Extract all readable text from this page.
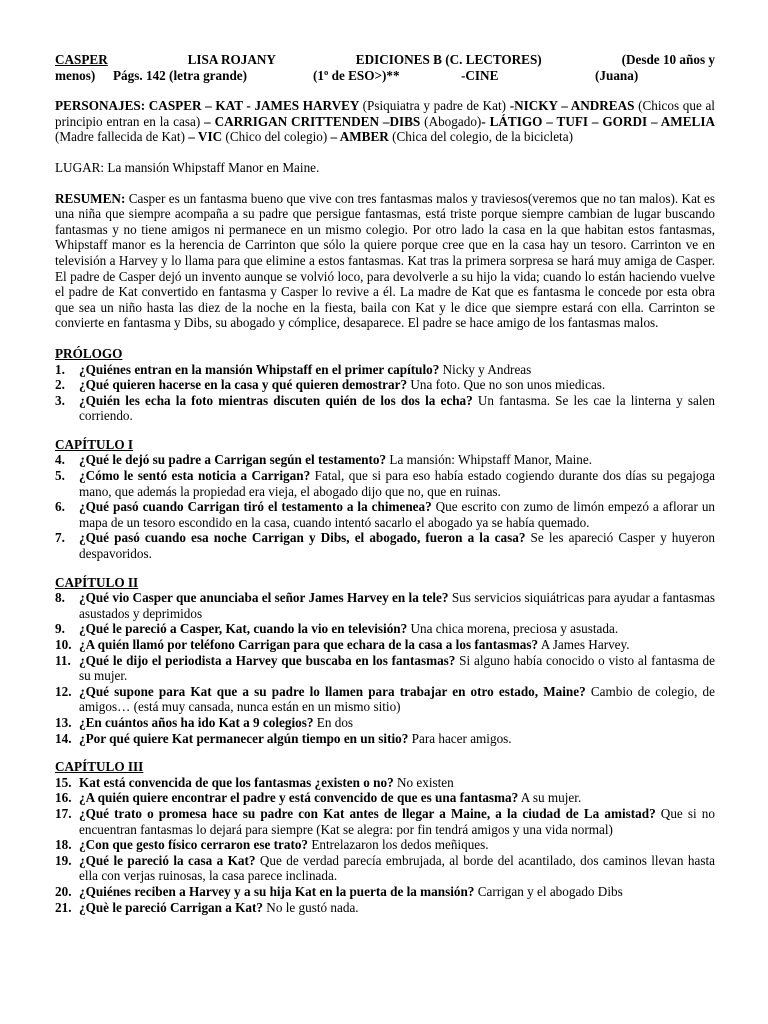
CASPER	LISA ROJANY	EDICIONES B (C. LECTORES)	(Desde 10 años y
menos)	Págs. 142 (letra grande)	(1º de ESO>)**	-CINE	(Juana)
PERSONAJES: CASPER – KAT - JAMES HARVEY (Psiquiatra y padre de Kat) -NICKY – ANDREAS (Chicos que al principio entran en la casa) – CARRIGAN CRITTENDEN –DIBS (Abogado)- LÁTIGO – TUFI – GORDI – AMELIA (Madre fallecida de Kat) – VIC (Chico del colegio) – AMBER (Chica del colegio, de la bicicleta)
LUGAR: La mansión Whipstaff Manor en Maine.
RESUMEN: Casper es un fantasma bueno que vive con tres fantasmas malos y traviesos(veremos que no tan malos). Kat es una niña que siempre acompaña a su padre que persigue fantasmas, está triste porque siempre cambian de lugar buscando fantasmas y no tiene amigos ni permanece en un mismo colegio. Por otro lado la casa en la que habitan estos fantasmas, Whipstaff manor es la herencia de Carrinton que sólo la quiere porque cree que en la casa hay un tesoro. Carrinton ve en televisión a Harvey y lo llama para que elimine a estos fantasmas. Kat tras la primera sorpresa se hará muy amiga de Casper. El padre de Casper dejó un invento aunque se volvió loco, para devolverle a su hijo la vida; cuando lo están haciendo vuelve el padre de Kat convertido en fantasma y Casper lo revive a él. La madre de Kat que es fantasma le concede por esta obra que sea un niño hasta las diez de la noche en la fiesta, baila con Kat y le dice que siempre estará con ella. Carrinton se convierte en fantasma y Dibs, su abogado y cómplice, desaparece. El padre se hace amigo de los fantasmas malos.
PRÓLOGO
1. ¿Quiénes entran en la mansión Whipstaff en el primer capítulo? Nicky y Andreas
2. ¿Qué quieren hacerse en la casa y qué quieren demostrar? Una foto. Que no son unos miedicas.
3. ¿Quién les echa la foto mientras discuten quién de los dos la echa? Un fantasma. Se les cae la linterna y salen corriendo.
CAPÍTULO I
4. ¿Qué le dejó su padre a Carrigan según el testamento? La mansión: Whipstaff Manor, Maine.
5. ¿Cómo le sentó esta noticia a Carrigan? Fatal, que si para eso había estado cogiendo durante dos días su pegajoga mano, que además la propiedad era vieja, el abogado dijo que no, que en ruinas.
6. ¿Qué pasó cuando Carrigan tiró el testamento a la chimenea? Que escrito con zumo de limón empezó a aflorar un mapa de un tesoro escondido en la casa, cuando intentó sacarlo el abogado ya se había quemado.
7. ¿Qué pasó cuando esa noche Carrigan y Dibs, el abogado, fueron a la casa? Se les apareció Casper y huyeron despavoridos.
CAPÍTULO II
8. ¿Qué vio Casper que anunciaba el señor James Harvey en la tele? Sus servicios siquiátricas para ayudar a fantasmas asustados y deprimidos
9. ¿Qué le pareció a Casper, Kat, cuando la vio en televisión? Una chica morena, preciosa y asustada.
10. ¿A quién llamó por teléfono Carrigan para que echara de la casa a los fantasmas? A James Harvey.
11. ¿Qué le dijo el periodista a Harvey que buscaba en los fantasmas? Si alguno había conocido o visto al fantasma de su mujer.
12. ¿Qué supone para Kat que a su padre lo llamen para trabajar en otro estado, Maine? Cambio de colegio, de amigos… (está muy cansada, nunca están en un mismo sitio)
13. ¿En cuántos años ha ido Kat a 9 colegios? En dos
14. ¿Por qué quiere Kat permanecer algún tiempo en un sitio? Para hacer amigos.
CAPÍTULO III
15. Kat está convencida de que los fantasmas ¿existen o no? No existen
16. ¿A quién quiere encontrar el padre y está convencido de que es una fantasma? A su mujer.
17. ¿Qué trato o promesa hace su padre con Kat antes de llegar a Maine, a la ciudad de La amistad? Que si no encuentran fantasmas lo dejará para siempre (Kat se alegra: por fin tendrá amigos y una vida normal)
18. ¿Con que gesto físico cerraron ese trato? Entrelazaron los dedos meñiques.
19. ¿Qué le pareció la casa a Kat? Que de verdad parecía embrujada, al borde del acantilado, dos caminos llevan hasta ella con verjas ruinosas, la casa parece inclinada.
20. ¿Quiénes reciben a Harvey y a su hija Kat en la puerta de la mansión? Carrigan y el abogado Dibs
21. ¿Què le pareció Carrigan a Kat? No le gustó nada.
